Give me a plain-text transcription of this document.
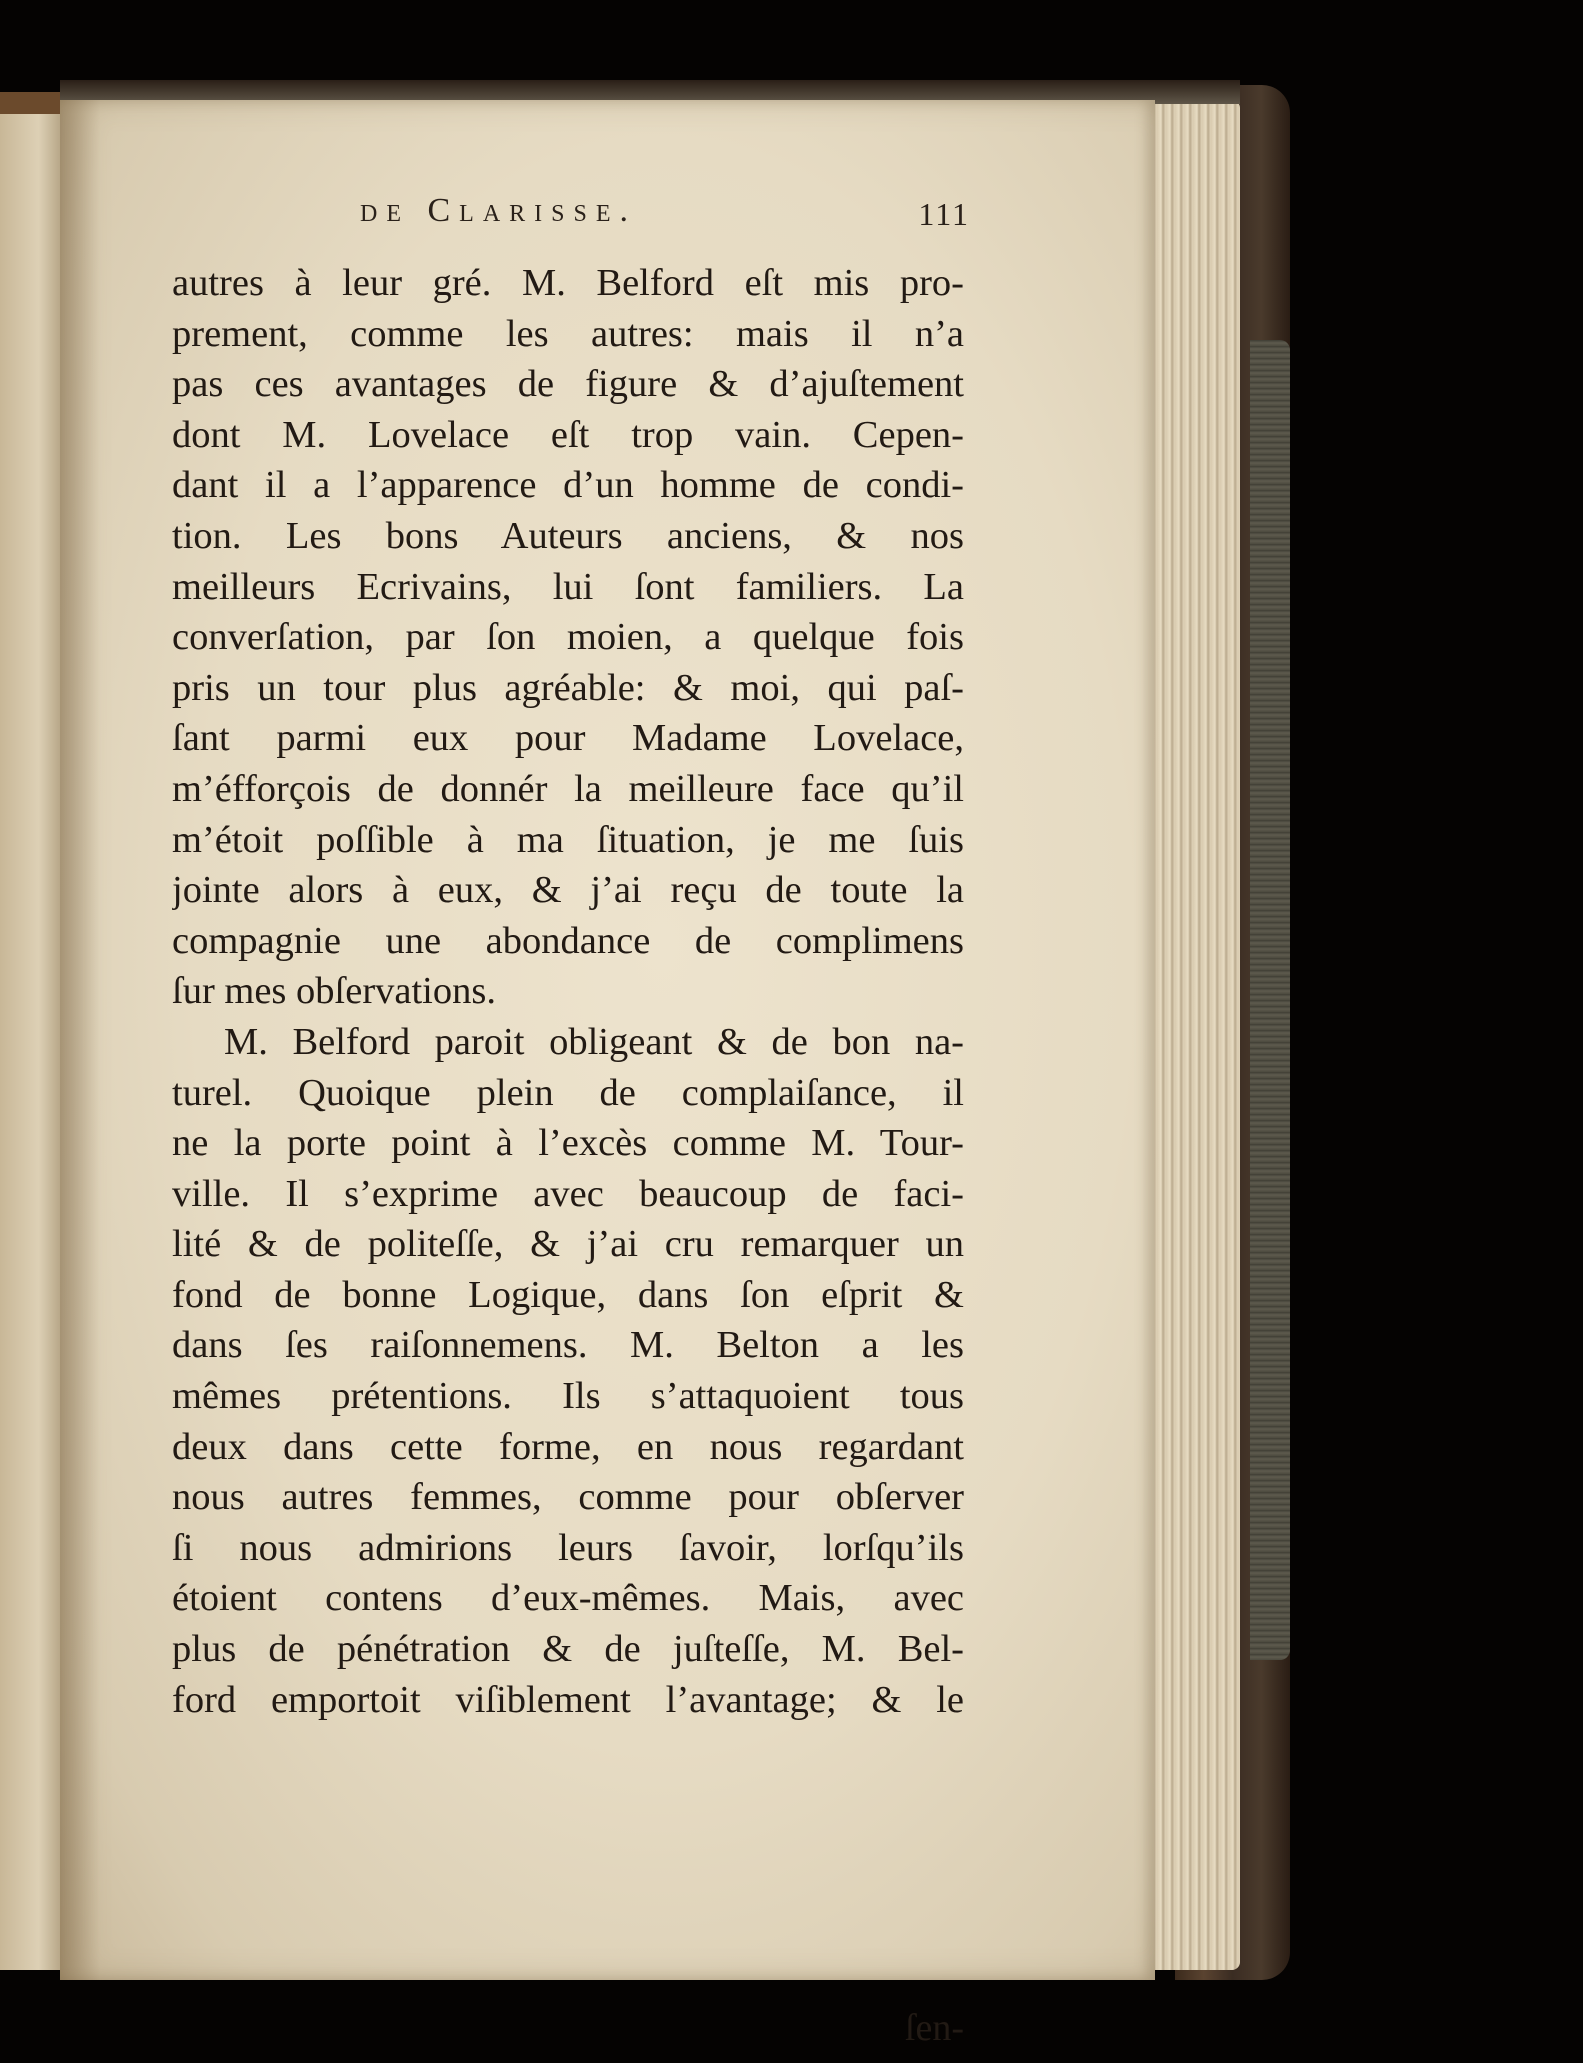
de Clarisse.	111
autres à leur gré. M. Belford eſt mis pro-
prement, comme les autres: mais il n’a
pas ces avantages de figure & d’ajuſtement
dont M. Lovelace eſt trop vain. Cepen-
dant il a l’apparence d’un homme de condi-
tion. Les bons Auteurs anciens, & nos
meilleurs Ecrivains, lui ſont familiers. La
converſation, par ſon moien, a quelque fois
pris un tour plus agréable: & moi, qui paſ-
ſant parmi eux pour Madame Lovelace,
m’éfforçois de donnér la meilleure face qu’il
m’étoit poſſible à ma ſituation, je me ſuis
jointe alors à eux, & j’ai reçu de toute la
compagnie une abondance de complimens
ſur mes obſervations.
M. Belford paroit obligeant & de bon na-
turel. Quoique plein de complaiſance, il
ne la porte point à l’excès comme M. Tour-
ville. Il s’exprime avec beaucoup de faci-
lité & de politeſſe, & j’ai cru remarquer un
fond de bonne Logique, dans ſon eſprit &
dans ſes raiſonnemens. M. Belton a les
mêmes prétentions. Ils s’attaquoient tous
deux dans cette forme, en nous regardant
nous autres femmes, comme pour obſerver
ſi nous admirions leurs ſavoir, lorſqu’ils
étoient contens d’eux-mêmes. Mais, avec
plus de pénétration & de juſteſſe, M. Bel-
ford emportoit viſiblement l’avantage; & le
ſen-
